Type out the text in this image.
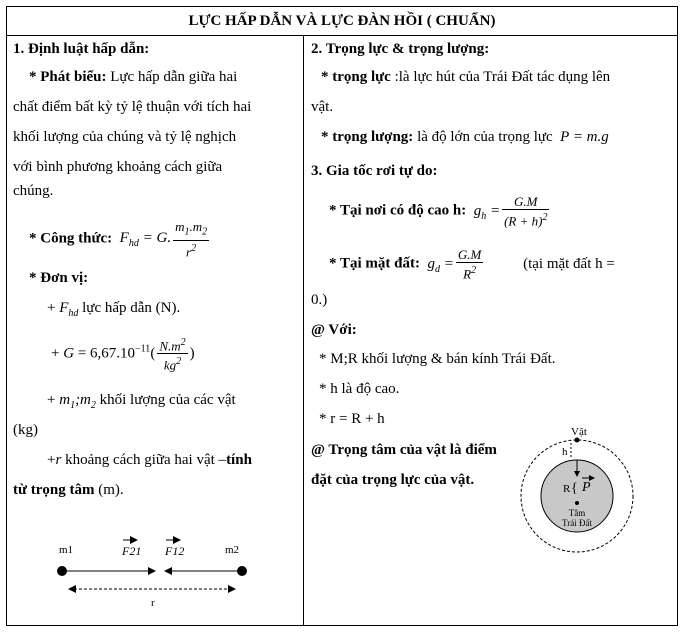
LỰC HẤP DẪN VÀ LỰC ĐÀN HỒI ( CHUẨN)
1. Định luật hấp dẫn:
* Phát biểu: Lực hấp dẫn giữa hai
chất điểm bất kỳ tỷ lệ thuận với tích hai
khối lượng của chúng và tỷ lệ nghịch
với bình phương khoảng cách giữa
chúng.
* Công thức:  $F_{hd} = G$. $\frac{m_1.m_2}{r^2}$
* Đơn vị:
+ $F_{hd}$ lực hấp dẫn (N).
+ $G = 6,67.10^{-11}( \frac{N.m^2}{kg^2}$ )
+ $m_1;m_2$ khối lượng của các vật
(kg)
+r khoảng cách giữa hai vật –tính
từ trọng tâm (m).
m1	m2
F21 F12
r
2. Trọng lực & trọng lượng:
* trọng lực :là lực hút của Trái Đất tác dụng lên
vật.
* trọng lượng: là độ lớn của trọng lực  P = m.g
3. Gia tốc rơi tự do:
* Tại nơi có độ cao h:  $g_h = \frac{G.M}{(R + h)^2}$
* Tại mặt đất:  $g_d = \frac{G.M}{R^2}$	(tại mặt đất h =
0.)
@ Với:
* M;R khối lượng & bán kính Trái Đất.
* h là độ cao.
* r = R + h
@ Trọng tâm của vật là điểm
đặt của trọng lực của vật.
Vật
h
R { P
Tâm
Trái Đất
